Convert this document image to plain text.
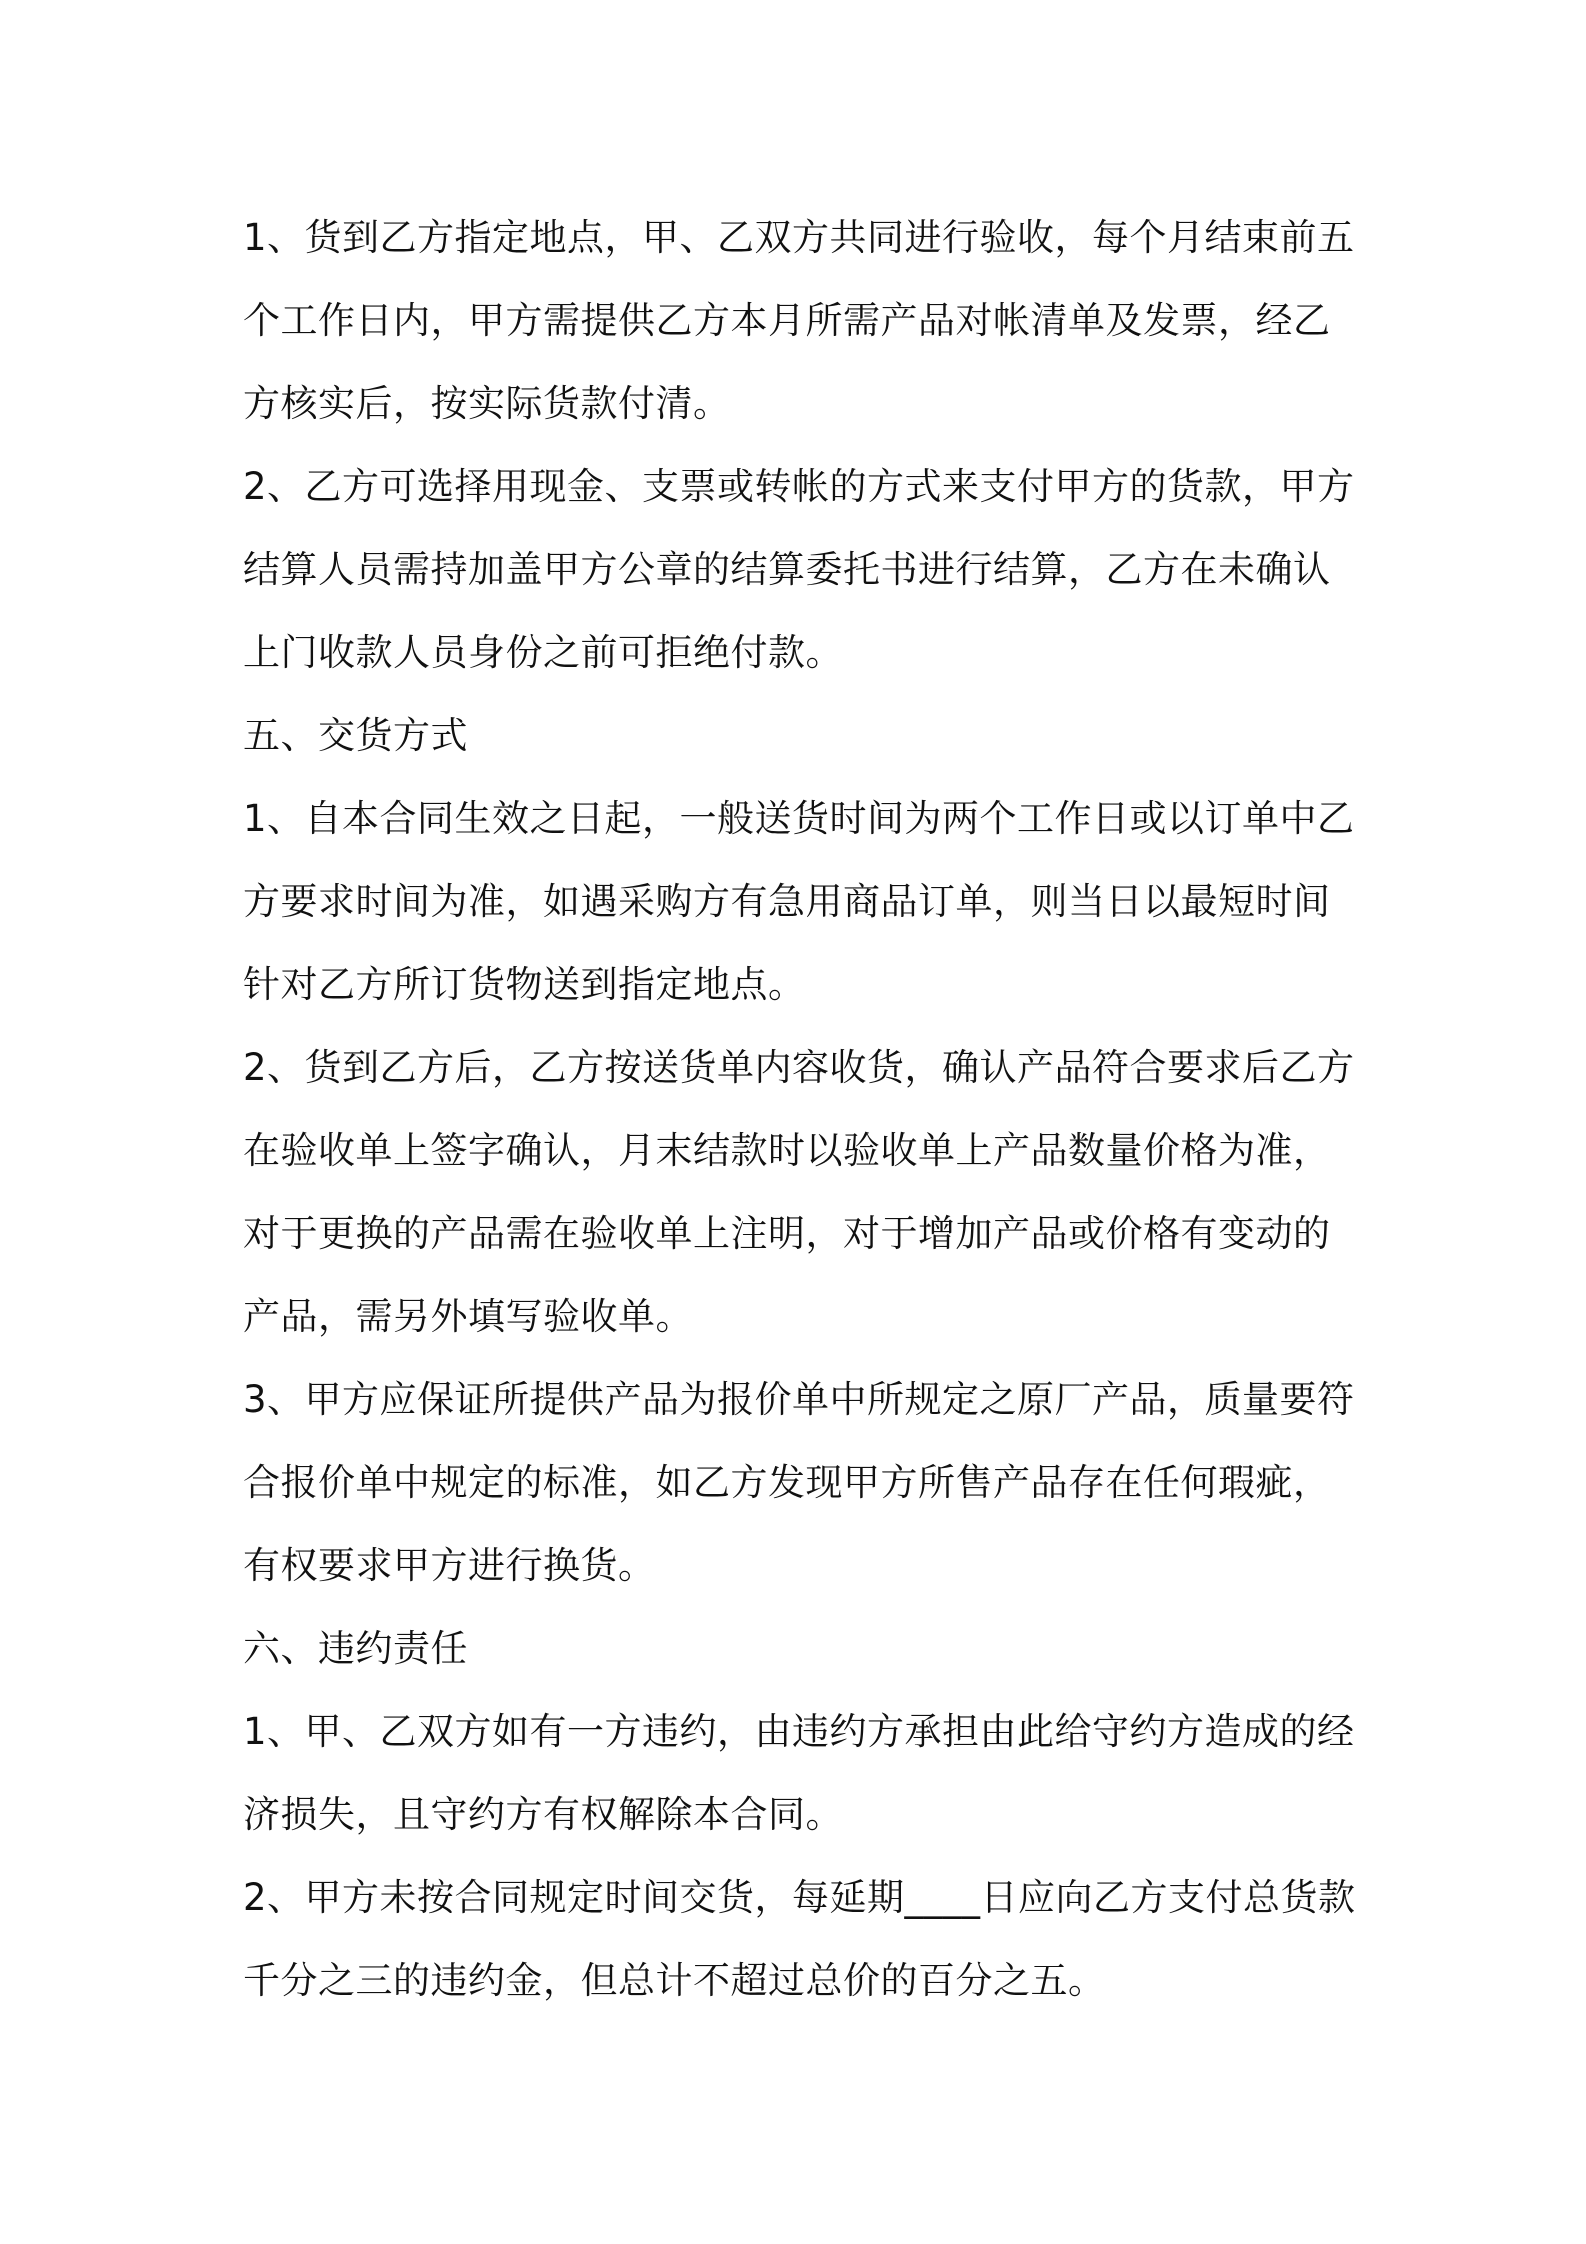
1、货到乙方指定地点，甲、乙双方共同进行验收，每个月结束前五个工作日内，甲方需提供乙方本月所需产品对帐清单及发票，经乙方核实后，按实际货款付清。

2、乙方可选择用现金、支票或转帐的方式来支付甲方的货款，甲方结算人员需持加盖甲方公章的结算委托书进行结算，乙方在未确认上门收款人员身份之前可拒绝付款。

五、交货方式

1、自本合同生效之日起，一般送货时间为两个工作日或以订单中乙方要求时间为准，如遇采购方有急用商品订单，则当日以最短时间针对乙方所订货物送到指定地点。

2、货到乙方后，乙方按送货单内容收货，确认产品符合要求后乙方在验收单上签字确认，月末结款时以验收单上产品数量价格为准，对于更换的产品需在验收单上注明，对于增加产品或价格有变动的产品，需另外填写验收单。

3、甲方应保证所提供产品为报价单中所规定之原厂产品，质量要符合报价单中规定的标准，如乙方发现甲方所售产品存在任何瑕疵，有权要求甲方进行换货。

六、违约责任

1、甲、乙双方如有一方违约，由违约方承担由此给守约方造成的经济损失，且守约方有权解除本合同。

2、甲方未按合同规定时间交货，每延期____日应向乙方支付总货款千分之三的违约金，但总计不超过总价的百分之五。
